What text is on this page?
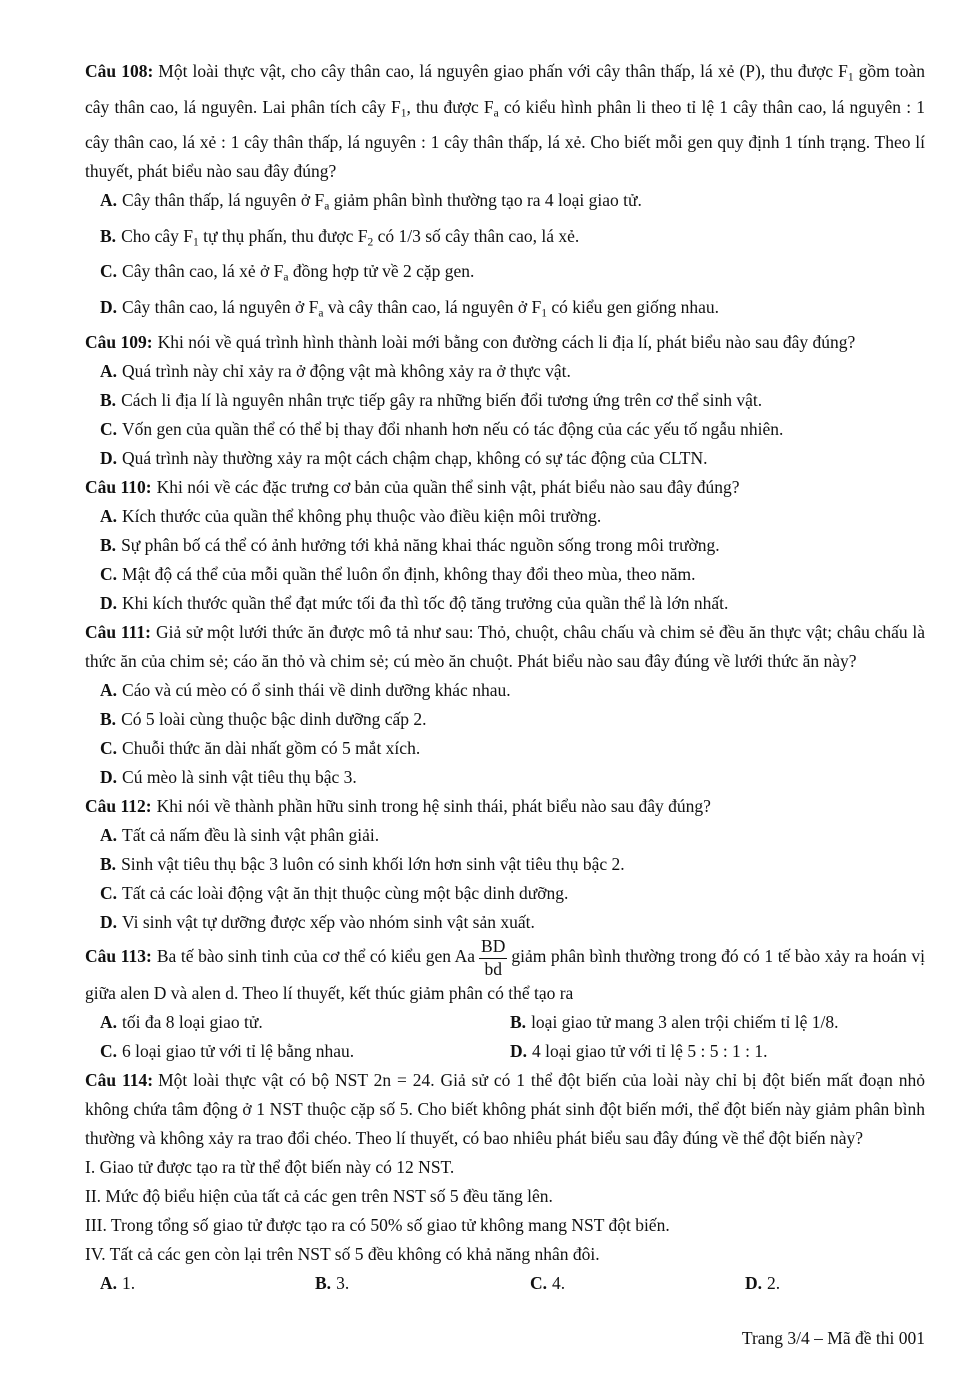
Câu 108: Một loài thực vật, cho cây thân cao, lá nguyên giao phấn với cây thân thấp, lá xẻ (P), thu được $F_1$ gồm toàn cây thân cao, lá nguyên. Lai phân tích cây $F_1$, thu được $F_a$ có kiểu hình phân li theo tỉ lệ 1 cây thân cao, lá nguyên : 1 cây thân cao, lá xẻ : 1 cây thân thấp, lá nguyên : 1 cây thân thấp, lá xẻ. Cho biết mỗi gen quy định 1 tính trạng. Theo lí thuyết, phát biểu nào sau đây đúng?
A. Cây thân thấp, lá nguyên ở $F_a$ giảm phân bình thường tạo ra 4 loại giao tử.
B. Cho cây $F_1$ tự thụ phấn, thu được $F_2$ có 1/3 số cây thân cao, lá xẻ.
C. Cây thân cao, lá xẻ ở $F_a$ đồng hợp tử về 2 cặp gen.
D. Cây thân cao, lá nguyên ở $F_a$ và cây thân cao, lá nguyên ở $F_1$ có kiểu gen giống nhau.
Câu 109: Khi nói về quá trình hình thành loài mới bằng con đường cách li địa lí, phát biểu nào sau đây đúng?
A. Quá trình này chỉ xảy ra ở động vật mà không xảy ra ở thực vật.
B. Cách li địa lí là nguyên nhân trực tiếp gây ra những biến đổi tương ứng trên cơ thể sinh vật.
C. Vốn gen của quần thể có thể bị thay đổi nhanh hơn nếu có tác động của các yếu tố ngẫu nhiên.
D. Quá trình này thường xảy ra một cách chậm chạp, không có sự tác động của CLTN.
Câu 110: Khi nói về các đặc trưng cơ bản của quần thể sinh vật, phát biểu nào sau đây đúng?
A. Kích thước của quần thể không phụ thuộc vào điều kiện môi trường.
B. Sự phân bố cá thể có ảnh hưởng tới khả năng khai thác nguồn sống trong môi trường.
C. Mật độ cá thể của mỗi quần thể luôn ổn định, không thay đổi theo mùa, theo năm.
D. Khi kích thước quần thể đạt mức tối đa thì tốc độ tăng trưởng của quần thể là lớn nhất.
Câu 111: Giả sử một lưới thức ăn được mô tả như sau: Thỏ, chuột, châu chấu và chim sẻ đều ăn thực vật; châu chấu là thức ăn của chim sẻ; cáo ăn thỏ và chim sẻ; cú mèo ăn chuột. Phát biểu nào sau đây đúng về lưới thức ăn này?
A. Cáo và cú mèo có ổ sinh thái về dinh dưỡng khác nhau.
B. Có 5 loài cùng thuộc bậc dinh dưỡng cấp 2.
C. Chuỗi thức ăn dài nhất gồm có 5 mắt xích.
D. Cú mèo là sinh vật tiêu thụ bậc 3.
Câu 112: Khi nói về thành phần hữu sinh trong hệ sinh thái, phát biểu nào sau đây đúng?
A. Tất cả nấm đều là sinh vật phân giải.
B. Sinh vật tiêu thụ bậc 3 luôn có sinh khối lớn hơn sinh vật tiêu thụ bậc 2.
C. Tất cả các loài động vật ăn thịt thuộc cùng một bậc dinh dưỡng.
D. Vi sinh vật tự dưỡng được xếp vào nhóm sinh vật sản xuất.
Câu 113: Ba tế bào sinh tinh của cơ thể có kiểu gen Aa $\frac{BD}{bd}$ giảm phân bình thường trong đó có 1 tế bào xảy ra hoán vị giữa alen D và alen d. Theo lí thuyết, kết thúc giảm phân có thể tạo ra
A. tối đa 8 loại giao tử.	B. loại giao tử mang 3 alen trội chiếm tỉ lệ 1/8.
C. 6 loại giao tử với tỉ lệ bằng nhau.	D. 4 loại giao tử với tỉ lệ 5 : 5 : 1 : 1.
Câu 114: Một loài thực vật có bộ NST 2n = 24. Giả sử có 1 thể đột biến của loài này chỉ bị đột biến mất đoạn nhỏ không chứa tâm động ở 1 NST thuộc cặp số 5. Cho biết không phát sinh đột biến mới, thể đột biến này giảm phân bình thường và không xảy ra trao đổi chéo. Theo lí thuyết, có bao nhiêu phát biểu sau đây đúng về thể đột biến này?
I. Giao tử được tạo ra từ thể đột biến này có 12 NST.
II. Mức độ biểu hiện của tất cả các gen trên NST số 5 đều tăng lên.
III. Trong tổng số giao tử được tạo ra có 50% số giao tử không mang NST đột biến.
IV. Tất cả các gen còn lại trên NST số 5 đều không có khả năng nhân đôi.
A. 1.	B. 3.	C. 4.	D. 2.
Trang 3/4 – Mã đề thi 001
